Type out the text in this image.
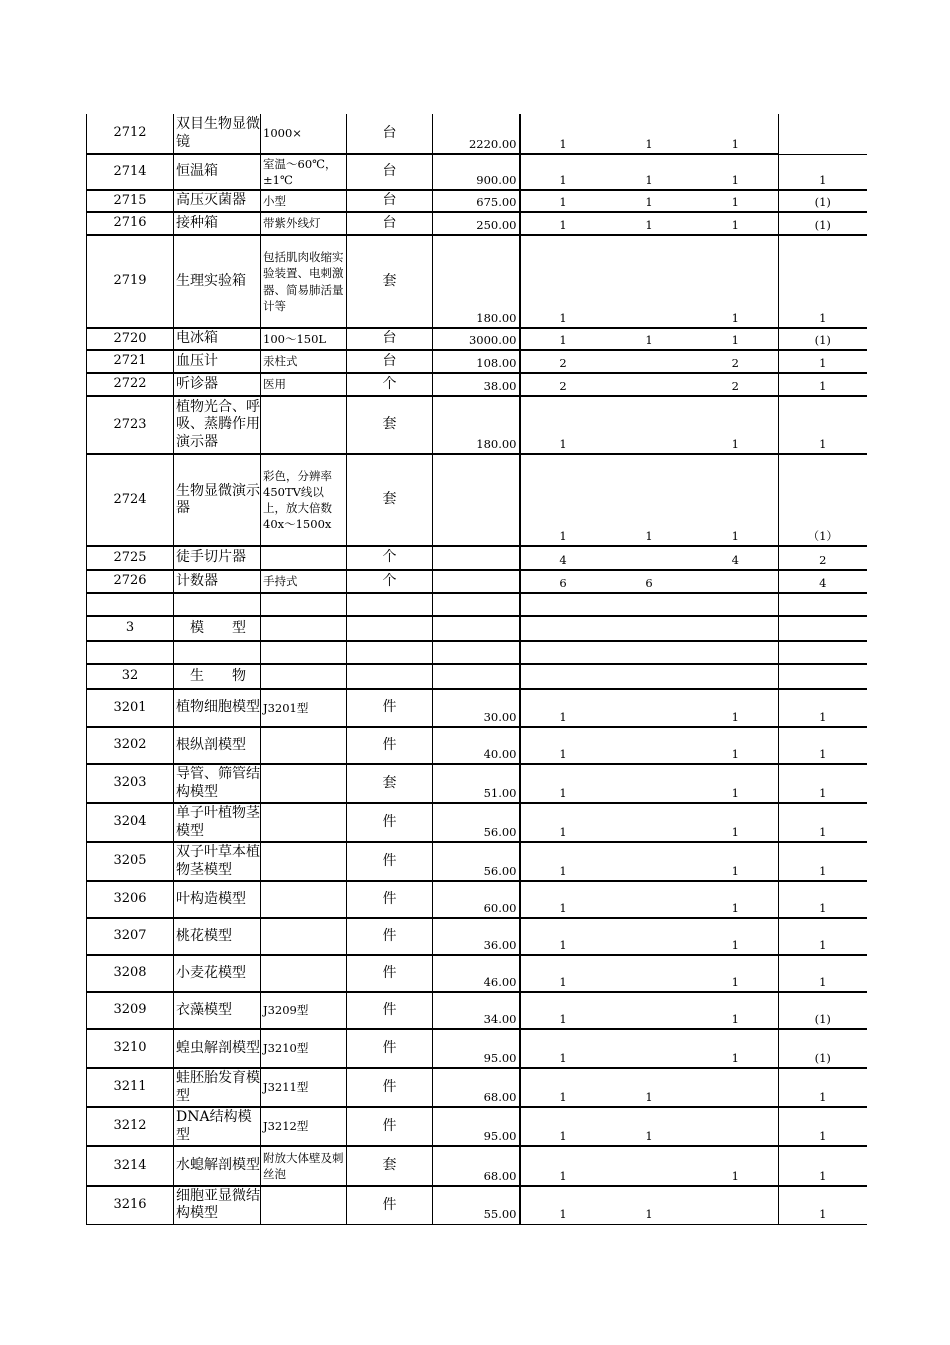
2712	双目生物显微镜	1000×	台	2220.00	1	1	1	
2714	恒温箱	室温～60℃，±1℃	台	900.00	1	1	1	1
2715	高压灭菌器	小型	台	675.00	1	1	1	(1)
2716	接种箱	带紫外线灯	台	250.00	1	1	1	(1)
2719	生理实验箱	包括肌肉收缩实验装置、电刺激器、简易肺活量计等	套	180.00	1		1	1
2720	电冰箱	100～150L	台	3000.00	1	1	1	(1)
2721	血压计	汞柱式	台	108.00	2		2	1
2722	听诊器	医用	个	38.00	2		2	1
2723	植物光合、呼吸、蒸腾作用演示器		套	180.00	1		1	1
2724	生物显微演示器	彩色，分辨率450TV线以上，放大倍数40x～1500x	套		1	1	1	（1）
2725	徒手切片器		个		4		4	2
2726	计数器	手持式	个		6	6		4

3	模　　型							

32	生　　物							
3201	植物细胞模型	J3201型	件	30.00	1		1	1
3202	根纵剖模型		件	40.00	1		1	1
3203	导管、筛管结构模型		套	51.00	1		1	1
3204	单子叶植物茎模型		件	56.00	1		1	1
3205	双子叶草本植物茎模型		件	56.00	1		1	1
3206	叶构造模型		件	60.00	1		1	1
3207	桃花模型		件	36.00	1		1	1
3208	小麦花模型		件	46.00	1		1	1
3209	衣藻模型	J3209型	件	34.00	1		1	(1)
3210	蝗虫解剖模型	J3210型	件	95.00	1		1	(1)
3211	蛙胚胎发育模型	J3211型	件	68.00	1	1		1
3212	DNA结构模型	J3212型	件	95.00	1	1		1
3214	水螅解剖模型	附放大体壁及刺丝泡	套	68.00	1		1	1
3216	细胞亚显微结构模型		件	55.00	1	1		1
